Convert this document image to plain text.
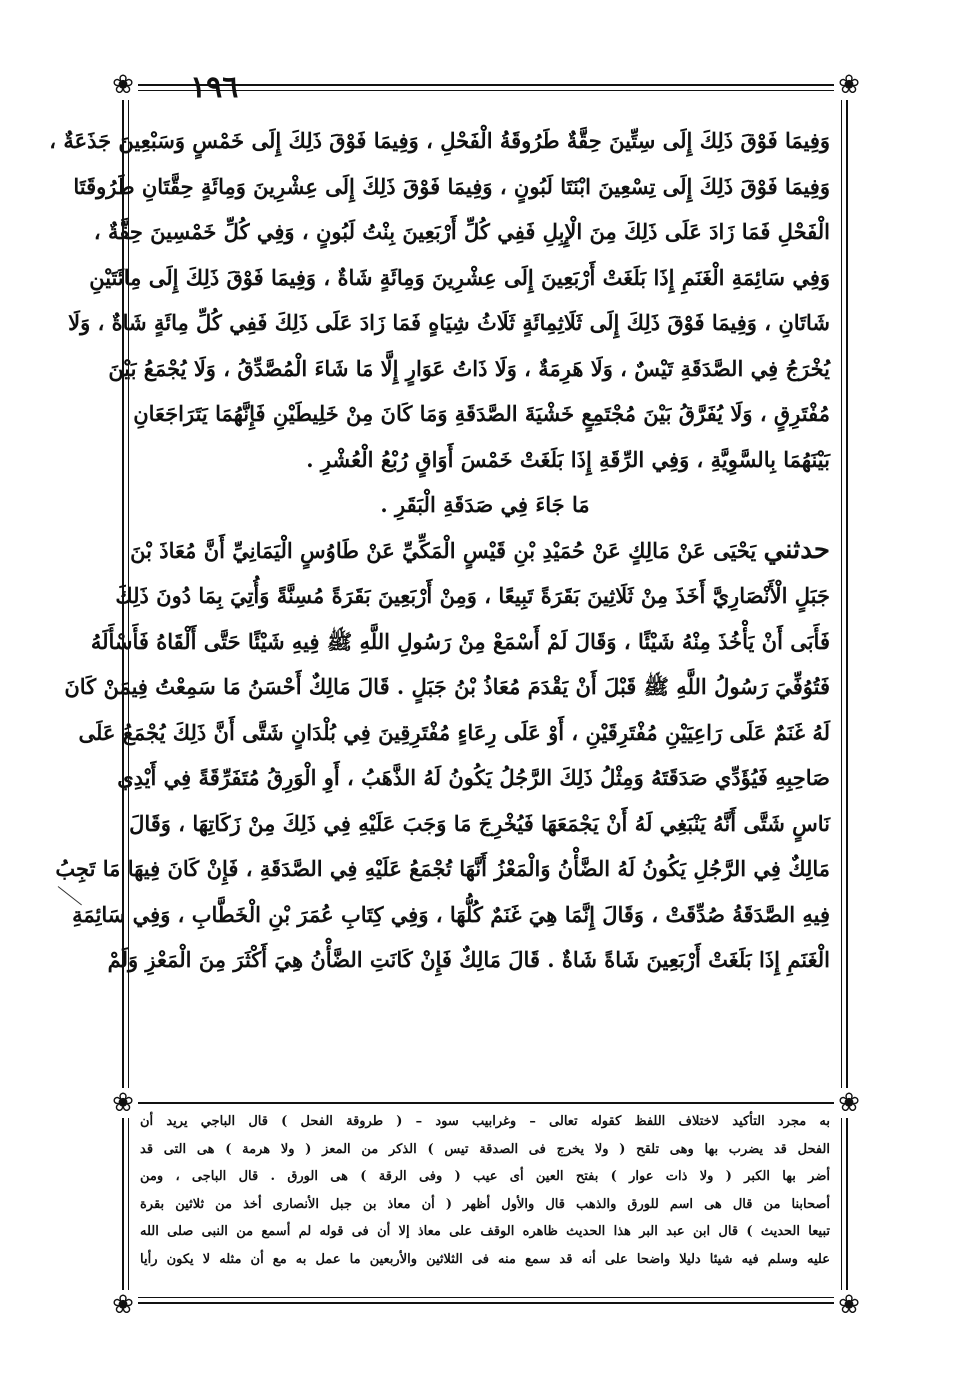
١٩٦
❀	❀
❀	❀
❀	❀
وَفِيمَا فَوْقَ ذَلِكَ إِلَى سِتِّينَ حِقَّةٌ طَرُوقَةُ الْفَحْلِ ، وَفِيمَا فَوْقَ ذَلِكَ إِلَى خَمْسٍ وَسَبْعِينَ جَذَعَةٌ ،
وَفِيمَا فَوْقَ ذَلِكَ إِلَى تِسْعِينَ ابْنَتَا لَبُونٍ ، وَفِيمَا فَوْقَ ذَلِكَ إِلَى عِشْرِينَ وَمِائَةٍ حِقَّتَانِ طَرُوقَتَا
الْفَحْلِ فَمَا زَادَ عَلَى ذَلِكَ مِنَ الْإِبِلِ فَفِي كُلِّ أَرْبَعِينَ بِنْتُ لَبُونٍ ، وَفِي كُلِّ خَمْسِينَ حِقَّةٌ ،
وَفِي سَائِمَةِ الْغَنَمِ إِذَا بَلَغَتْ أَرْبَعِينَ إِلَى عِشْرِينَ وَمِائَةٍ شَاةٌ ، وَفِيمَا فَوْقَ ذَلِكَ إِلَى مِائَتَيْنِ
شَاتَانِ ، وَفِيمَا فَوْقَ ذَلِكَ إِلَى ثَلَاثِمِائَةٍ ثَلَاثُ شِيَاهٍ فَمَا زَادَ عَلَى ذَلِكَ فَفِي كُلِّ مِائَةٍ شَاةٌ ، وَلَا
يُخْرَجُ فِي الصَّدَقَةِ تَيْسٌ ، وَلَا هَرِمَةٌ ، وَلَا ذَاتُ عَوَارٍ إِلَّا مَا شَاءَ الْمُصَّدِّقُ ، وَلَا يُجْمَعُ بَيْنَ
مُفْتَرِقٍ ، وَلَا يُفَرَّقُ بَيْنَ مُجْتَمِعٍ خَشْيَةَ الصَّدَقَةِ وَمَا كَانَ مِنْ خَلِيطَيْنِ فَإِنَّهُمَا يَتَرَاجَعَانِ
بَيْنَهُمَا بِالسَّوِيَّةِ ، وَفِي الرِّقَةِ إِذَا بَلَغَتْ خَمْسَ أَوَاقٍ رُبْعُ الْعُشْرِ .
مَا جَاءَ فِي صَدَقَةِ الْبَقَرِ .
حدثني يَحْيَى عَنْ مَالِكٍ عَنْ حُمَيْدِ بْنِ قَيْسٍ الْمَكِّيِّ عَنْ طَاوُسٍ الْيَمَانِيِّ أَنَّ مُعَاذَ بْنَ
جَبَلٍ الْأَنْصَارِيَّ أَخَذَ مِنْ ثَلَاثِينَ بَقَرَةً تَبِيعًا ، وَمِنْ أَرْبَعِينَ بَقَرَةً مُسِنَّةً وَأُتِيَ بِمَا دُونَ ذَلِكَ
فَأَبَى أَنْ يَأْخُذَ مِنْهُ شَيْئًا ، وَقَالَ لَمْ أَسْمَعْ مِنْ رَسُولِ اللَّهِ ﷺ فِيهِ شَيْئًا حَتَّى أَلْقَاهُ فَأَسْأَلَهُ
فَتُوُفِّيَ رَسُولُ اللَّهِ ﷺ قَبْلَ أَنْ يَقْدَمَ مُعَاذُ بْنُ جَبَلٍ . قَالَ مَالِكٌ أَحْسَنُ مَا سَمِعْتُ فِيمَنْ كَانَ
لَهُ غَنَمٌ عَلَى رَاعِيَيْنِ مُفْتَرِقَيْنِ ، أَوْ عَلَى رِعَاءٍ مُفْتَرِقِينَ فِي بُلْدَانٍ شَتَّى أَنَّ ذَلِكَ يُجْمَعُ عَلَى
صَاحِبِهِ فَيُؤَدِّي صَدَقَتَهُ وَمِثْلُ ذَلِكَ الرَّجُلُ يَكُونُ لَهُ الذَّهَبُ ، أَوِ الْوَرِقُ مُتَفَرِّقَةً فِي أَيْدِي
نَاسٍ شَتَّى أَنَّهُ يَنْبَغِي لَهُ أَنْ يَجْمَعَهَا فَيُخْرِجَ مَا وَجَبَ عَلَيْهِ فِي ذَلِكَ مِنْ زَكَاتِهَا ، وَقَالَ
مَالِكٌ فِي الرَّجُلِ يَكُونُ لَهُ الضَّأْنُ وَالْمَعْزُ أَنَّهَا تُجْمَعُ عَلَيْهِ فِي الصَّدَقَةِ ، فَإِنْ كَانَ فِيهَا مَا تَجِبُ
فِيهِ الصَّدَقَةُ صُدِّقَتْ ، وَقَالَ إِنَّمَا هِيَ غَنَمٌ كُلُّهَا ، وَفِي كِتَابِ عُمَرَ بْنِ الْخَطَّابِ ، وَفِي سَائِمَةِ
الْغَنَمِ إِذَا بَلَغَتْ أَرْبَعِينَ شَاةً شَاةٌ . قَالَ مَالِكٌ فَإِنْ كَانَتِ الضَّأْنُ هِيَ أَكْثَرَ مِنَ الْمَعْزِ وَلَمْ
به مجرد التأكيد لاختلاف اللفظ كقوله تعالى – وغرابيب سود – ( طروقة الفحل ) قال الباجي يريد أن
الفحل قد يضرب بها وهى تلقح ( ولا يخرج فى الصدقة تيس ) الذكر من المعز ( ولا هرمة ) هى التى قد
أضر بها الكبر ( ولا ذات عوار ) بفتح العين أى عيب ( وفى الرقة ) هى الورق . قال الباجى ، ومن
أصحابنا من قال هى اسم للورق والذهب قال والأول أظهر ( أن معاذ بن جبل الأنصارى أخذ من ثلاثين بقرة
تبيعا الحديث ) قال ابن عبد البر هذا الحديث ظاهره الوقف على معاذ إلا أن فى قوله لم أسمع من النبى صلى الله
عليه وسلم فيه شيئا دليلا واضحا على أنه قد سمع منه فى الثلاثين والأربعين ما عمل به مع أن مثله لا يكون رأيا
